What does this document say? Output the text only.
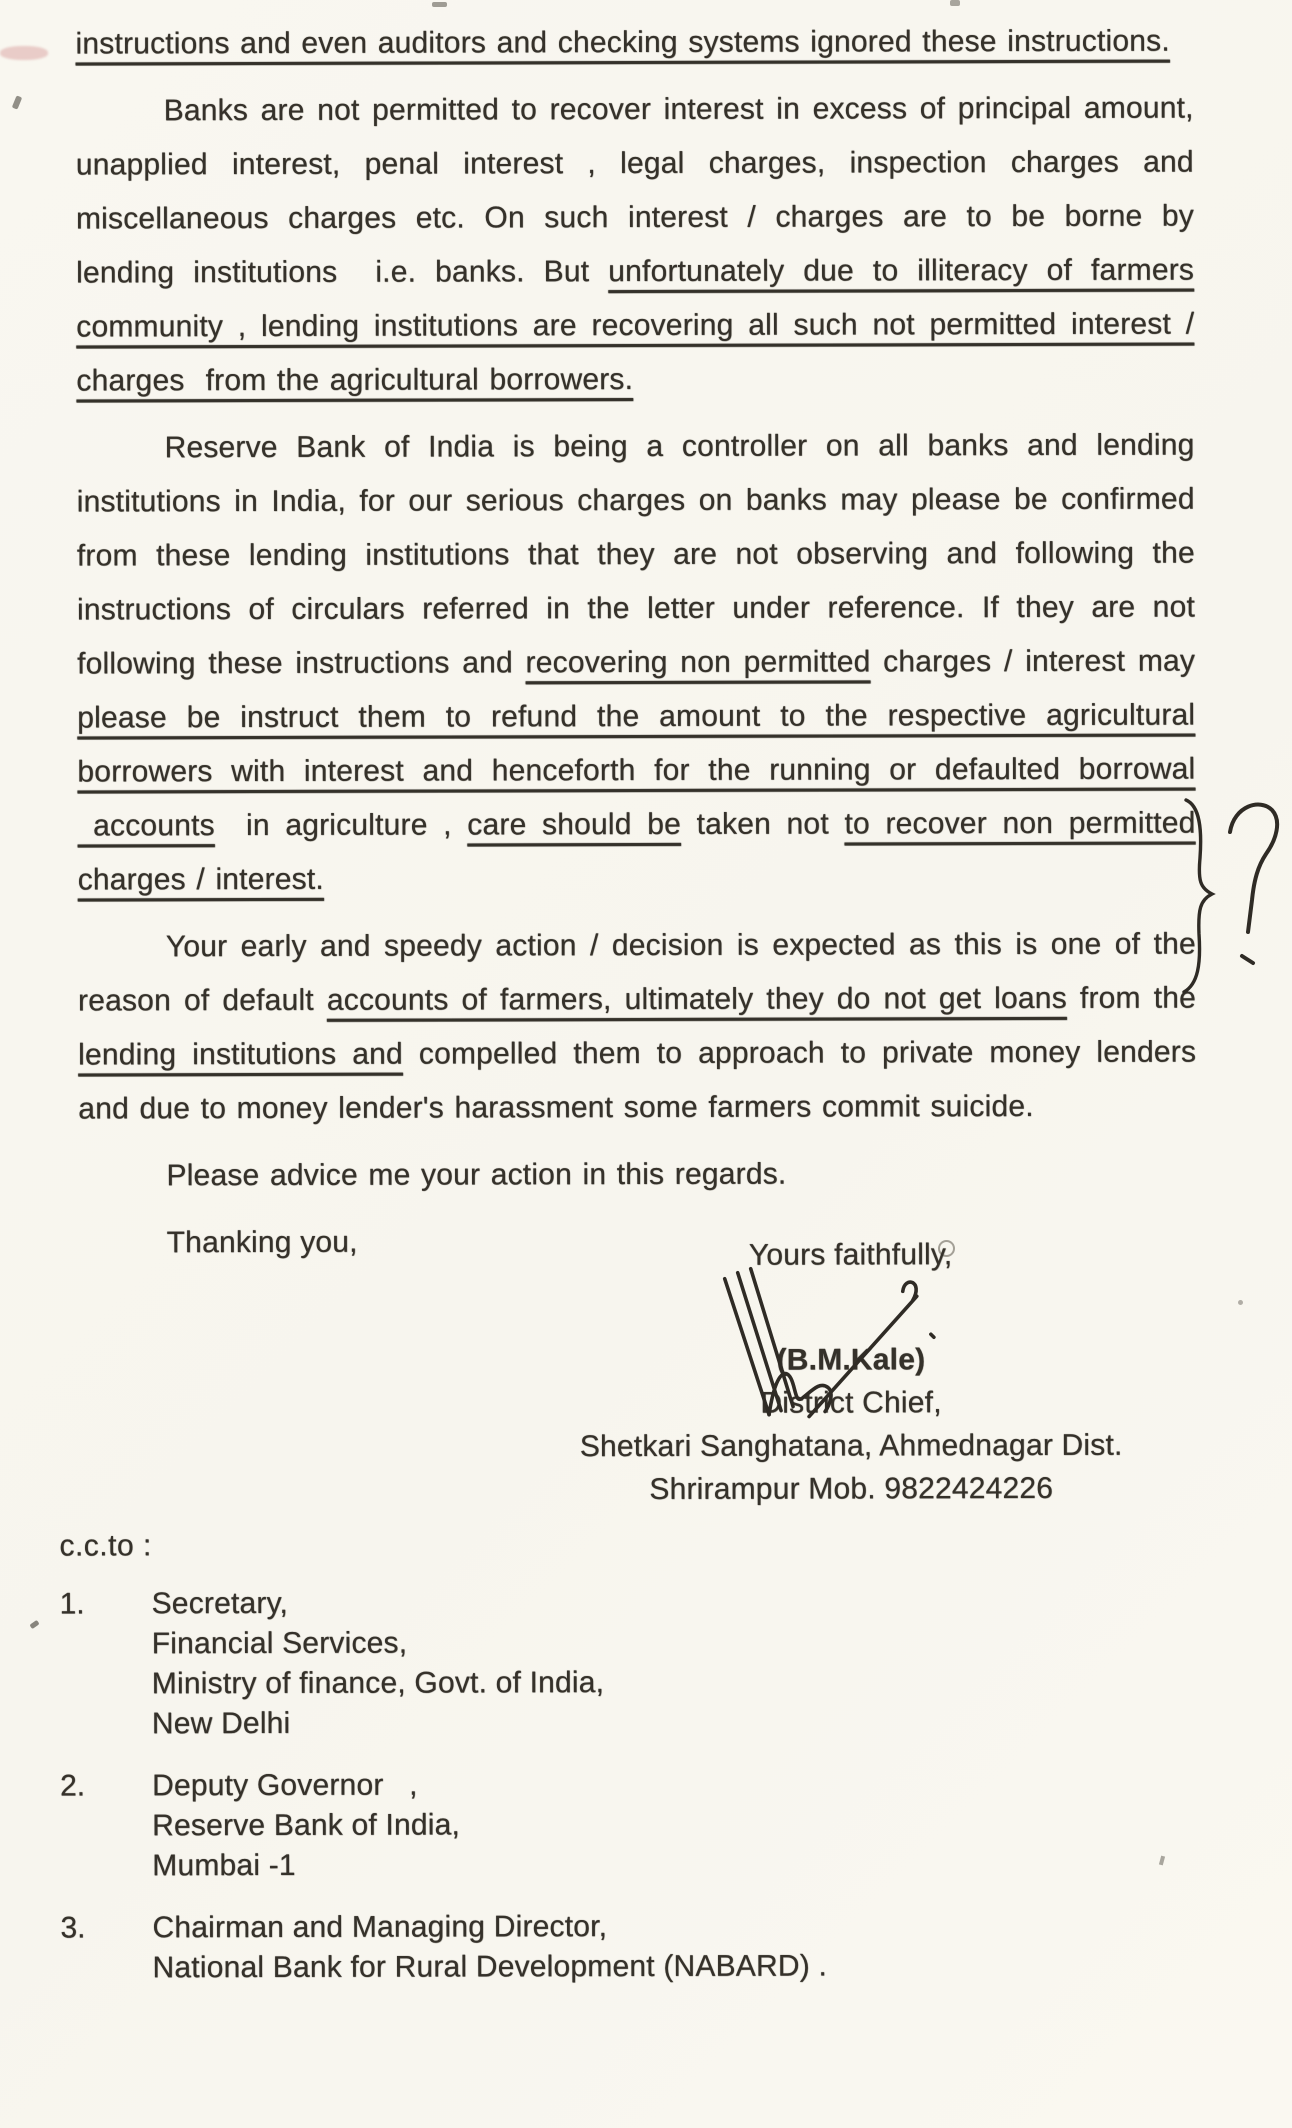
instructions and even auditors and checking systems ignored these instructions.

Banks are not permitted to recover interest in excess of principal amount, unapplied interest, penal interest , legal charges, inspection charges and miscellaneous charges etc. On such interest / charges are to be borne by lending institutions  i.e. banks. But unfortunately due to illiteracy of farmers community , lending institutions are recovering all such not permitted interest / charges  from the agricultural borrowers.

Reserve Bank of India is being a controller on all banks and lending institutions in India, for our serious charges on banks may please be confirmed from these lending institutions that they are not observing and following the instructions of circulars referred in the letter under reference. If they are not following these instructions and recovering non permitted charges / interest may please be instruct them to refund the amount to the respective agricultural borrowers with interest and henceforth for the running or defaulted borrowal  accounts  in agriculture , care should be taken not to recover non permitted charges / interest.

Your early and speedy action / decision is expected as this is one of the reason of default accounts of farmers, ultimately they do not get loans from the lending institutions and compelled them to approach to private money lenders and due to money lender's harassment some farmers commit suicide.

Please advice me your action in this regards.

Thanking you,	Yours faithfully,

(B.M.Kale)

District Chief,

Shetkari Sanghatana, Ahmednagar Dist.

Shrirampur Mob. 9822424226

c.c.to :

1.	Secretary,

Financial Services,

Ministry of finance, Govt. of India,

New Delhi

2.	Deputy Governor   ,

Reserve Bank of India,

Mumbai -1

3.	Chairman and Managing Director,

National Bank for Rural Development (NABARD) .
